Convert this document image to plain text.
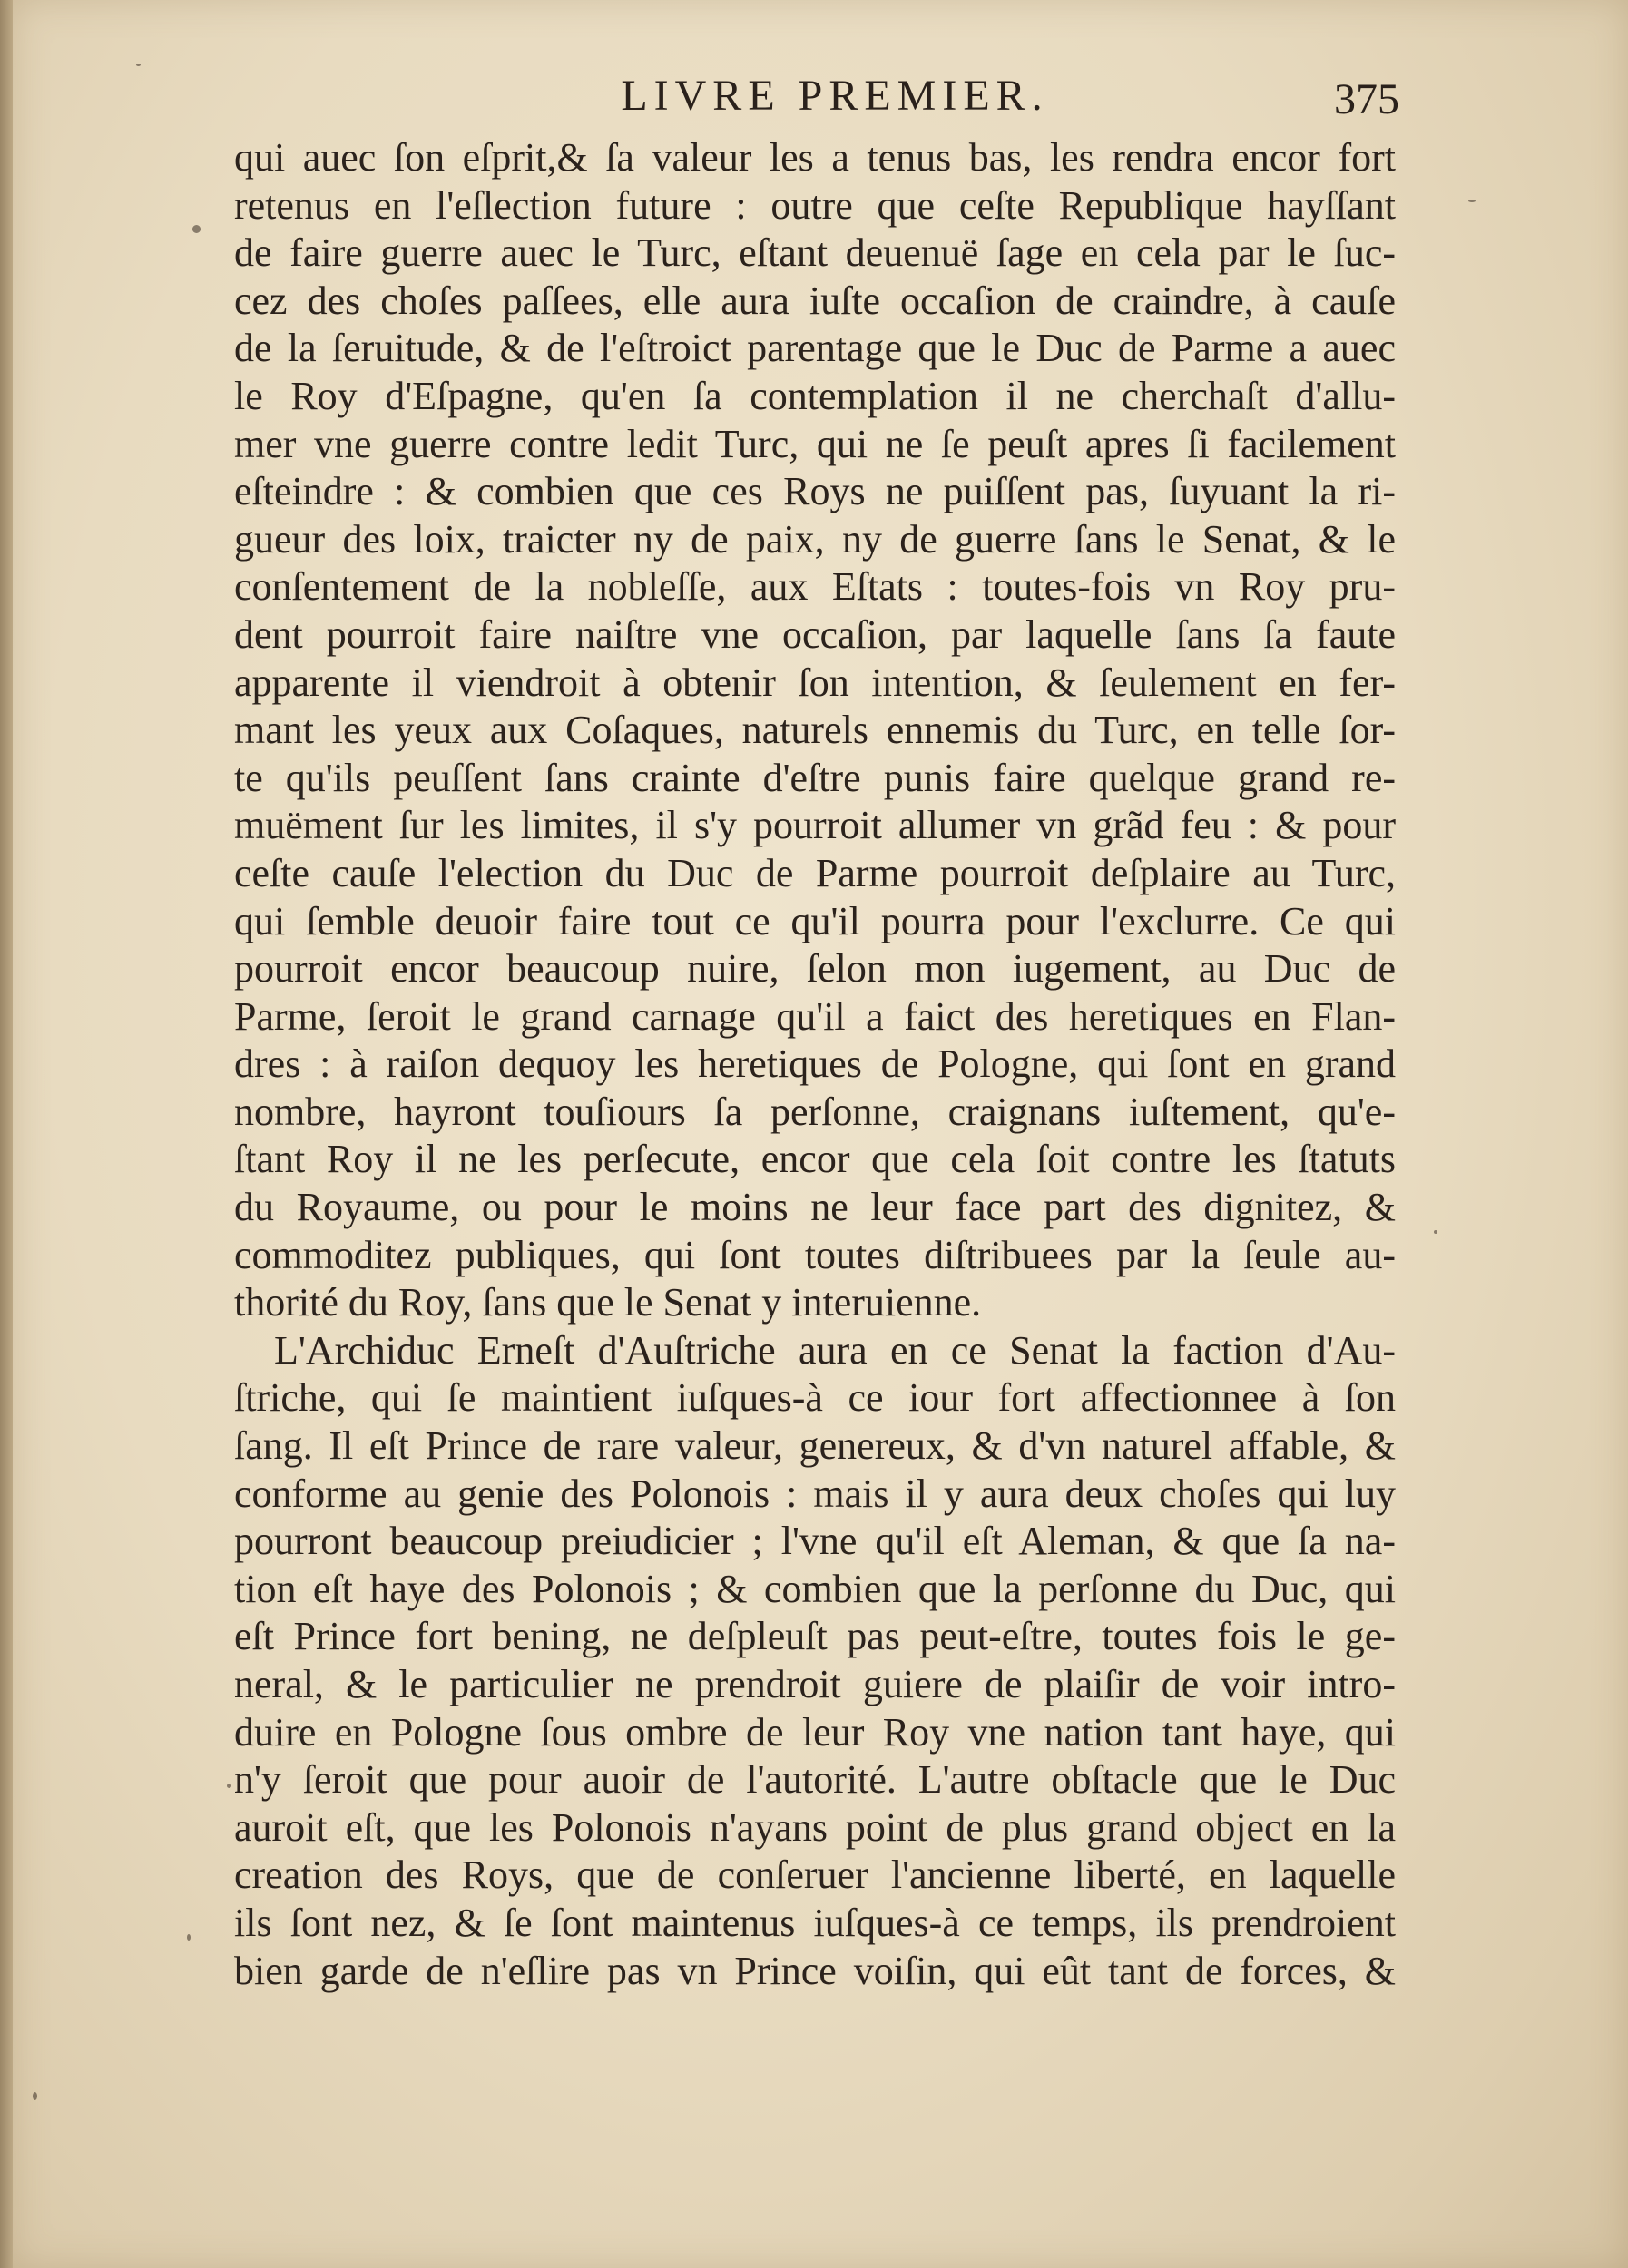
LIVRE PREMIER.	375
qui auec ſon eſprit,& ſa valeur les a tenus bas, les rendra encor fort
retenus en l'eſlection future : outre que ceſte Republique hayſſant
de faire guerre auec le Turc, eſtant deuenuë ſage en cela par le ſuc-
cez des choſes paſſees, elle aura iuſte occaſion de craindre, à cauſe
de la ſeruitude, & de l'eſtroict parentage que le Duc de Parme a auec
le Roy d'Eſpagne, qu'en ſa contemplation il ne cherchaſt d'allu-
mer vne guerre contre ledit Turc, qui ne ſe peuſt apres ſi facilement
eſteindre : & combien que ces Roys ne puiſſent pas, ſuyuant la ri-
gueur des loix, traicter ny de paix, ny de guerre ſans le Senat, & le
conſentement de la nobleſſe, aux Eſtats : toutes-fois vn Roy pru-
dent pourroit faire naiſtre vne occaſion, par laquelle ſans ſa faute
apparente il viendroit à obtenir ſon intention, & ſeulement en fer-
mant les yeux aux Coſaques, naturels ennemis du Turc, en telle ſor-
te qu'ils peuſſent ſans crainte d'eſtre punis faire quelque grand re-
muëment ſur les limites, il s'y pourroit allumer vn grãd feu : & pour
ceſte cauſe l'election du Duc de Parme pourroit deſplaire au Turc,
qui ſemble deuoir faire tout ce qu'il pourra pour l'exclurre. Ce qui
pourroit encor beaucoup nuire, ſelon mon iugement, au Duc de
Parme, ſeroit le grand carnage qu'il a faict des heretiques en Flan-
dres : à raiſon dequoy les heretiques de Pologne, qui ſont en grand
nombre, hayront touſiours ſa perſonne, craignans iuſtement, qu'e-
ſtant Roy il ne les perſecute, encor que cela ſoit contre les ſtatuts
du Royaume, ou pour le moins ne leur face part des dignitez, &
commoditez publiques, qui ſont toutes diſtribuees par la ſeule au-
thorité du Roy, ſans que le Senat y interuienne.
L'Archiduc Erneſt d'Auſtriche aura en ce Senat la faction d'Au-
ſtriche, qui ſe maintient iuſques-à ce iour fort affectionnee à ſon
ſang. Il eſt Prince de rare valeur, genereux, & d'vn naturel affable, &
conforme au genie des Polonois : mais il y aura deux choſes qui luy
pourront beaucoup preiudicier ; l'vne qu'il eſt Aleman, & que ſa na-
tion eſt haye des Polonois ; & combien que la perſonne du Duc, qui
eſt Prince fort bening, ne deſpleuſt pas peut-eſtre, toutes fois le ge-
neral, & le particulier ne prendroit guiere de plaiſir de voir intro-
duire en Pologne ſous ombre de leur Roy vne nation tant haye, qui
n'y ſeroit que pour auoir de l'autorité. L'autre obſtacle que le Duc
auroit eſt, que les Polonois n'ayans point de plus grand object en la
creation des Roys, que de conſeruer l'ancienne liberté, en laquelle
ils ſont nez, & ſe ſont maintenus iuſques-à ce temps, ils prendroient
bien garde de n'eſlire pas vn Prince voiſin, qui eût tant de forces, &
